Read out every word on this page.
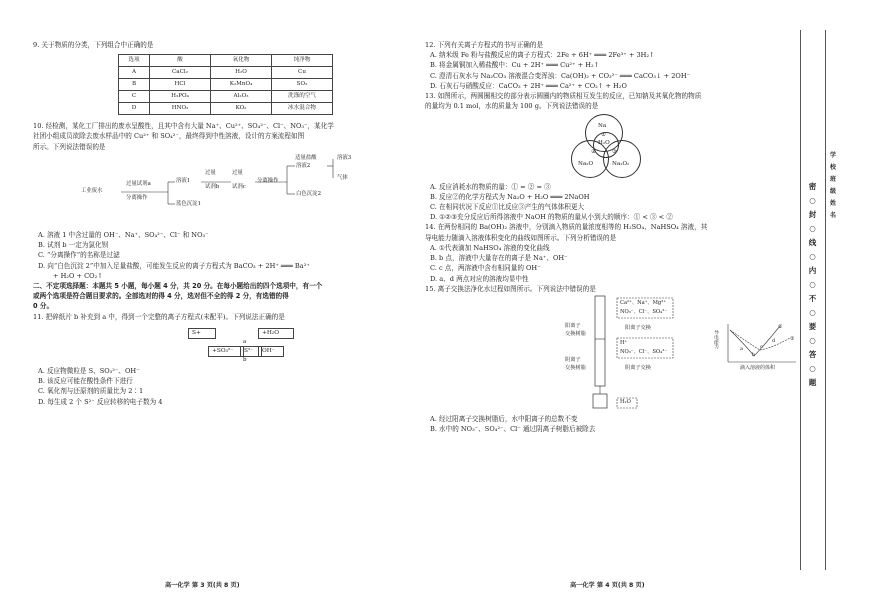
9. 关于物质的分类，下列组合中正确的是

选项	酸	氧化物	纯净物
A	CaCl₂	H₂O	Cu
B	HCl	K₂MnO₄	SO₂
C	H₃PO₄	Al₂O₃	洗涤的空气
D	HNO₃	KO₂	冰水混合物

10. 经检测，某化工厂排出的废水呈酸性，且其中含有大量 Na⁺、Cu²⁺、SO₄²⁻、Cl⁻、NO₃⁻，某化学

社团小组成员欲除去废水样品中的 Cu²⁺ 和 SO₄²⁻，最终得到中性溶液，设计的方案流程如图

所示。下列说法错误的是

工业废水
过量试剂a
分离操作
溶液1
蓝色沉淀1
过量
试剂b
过量
试剂c
分离操作
溶液2
白色沉淀2
适量盐酸	溶液3
气体

A. 溶液 1 中含过量的 OH⁻、Na⁺、SO₄²⁻、Cl⁻ 和 NO₃⁻

B. 试剂 b 一定为氯化钡

C. “分离操作”的名称是过滤

D. 向“白色沉淀 2”中加入足量盐酸，可能发生反应的离子方程式为 BaCO₃ + 2H⁺ ═══ Ba²⁺

+ H₂O + CO₂↑

二、不定项选择题：本题共 5 小题，每小题 4 分，共 20 分。在每小题给出的四个选项中，有一个

或两个选项是符合题目要求的。全部选对的得 4 分，选对但不全的得 2 分，有选错的得

0 分。

11. 把碎纸片 b 补充到 a 中，得到一个完整的离子方程式(未配平)。下列说法正确的是

S+	+H₂O
a
+SO₃²⁻	S²⁻	OH⁻
b

A. 反应物微粒是 S、SO₃²⁻、OH⁻

B. 该反应可能在酸性条件下进行

C. 氧化剂与还原剂的质量比为 2∶1

D. 每生成 2 个 S²⁻ 反应转移的电子数为 4

高一化学 第 3 页(共 8 页)

12. 下列有关离子方程式的书写正确的是

A. 纳米级 Fe 粉与盐酸反应的离子方程式：2Fe + 6H⁺ ═══ 2Fe³⁺ + 3H₂↑

B. 将金属铜加入稀盐酸中：Cu + 2H⁺ ═══ Cu²⁺ + H₂↑

C. 澄清石灰水与 Na₂CO₃ 溶液混合变浑浊：Ca(OH)₂ + CO₃²⁻ ═══ CaCO₃↓ + 2OH⁻

D. 石灰石与硝酸反应：CaCO₃ + 2H⁺ ═══ Ca²⁺ + CO₂↑ + H₂O

13. 如图所示，两圆圈相交的部分表示圆圈内的物质相互发生的反应，已知钠及其氧化物的物质

的量均为 0.1 mol，水的质量为 100 g。下列说法错误的是

Na
H₂O
Na₂O	Na₂O₂
①
②	③

A. 反应消耗水的物质的量：① = ② = ③

B. 反应②的化学方程式为 Na₂O + H₂O ═══ 2NaOH

C. 在相同状况下反应①比反应③产生的气体体积更大

D. ①②③充分反应后所得溶液中 NaOH 的物质的量从小到大的顺序：① < ③ < ②

14. 在两份相同的 Ba(OH)₂ 溶液中，分别滴入物质的量浓度相等的 H₂SO₄、NaHSO₄ 溶液，其

导电能力随滴入溶液体积变化的曲线如图所示。下列分析错误的是

A. ①代表滴加 NaHSO₄ 溶液的变化曲线

B. b 点，溶液中大量存在的离子是 Na⁺、OH⁻

C. c 点，两溶液中含有相同量的 OH⁻

D. a、d 两点对应的溶液均显中性

15. 离子交换法净化水过程如图所示。下列说法中错误的是

阳离子
交换树脂
阴离子
交换树脂
Ca²⁺、Na⁺、Mg²⁺
NO₃⁻、Cl⁻、SO₄²⁻
阳离子交换
H⁺
NO₃⁻、Cl⁻、SO₄²⁻
阴离子交换
H₂O

A. 经过阳离子交换树脂后，水中阳离子的总数不变

B. 水中的 NO₃⁻、SO₄²⁻、Cl⁻ 通过阴离子树脂后被除去

导电能力
滴入溶液的体积
①
②
a
b
c
d
高一化学 第 4 页(共 8 页)
密
○
封
○
线
○
内
○
不
○
要
○
答
○
题
学
校
班
级
姓
名
